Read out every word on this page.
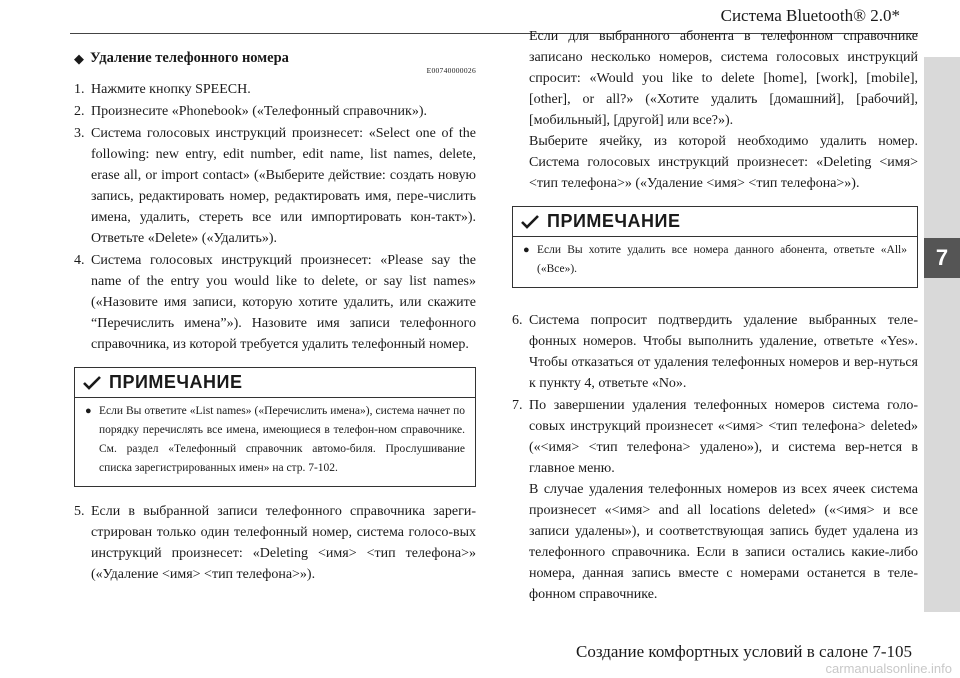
Система Bluetooth® 2.0*
7
◆ Удаление телефонного номера
E00740000026
1. Нажмите кнопку SPEECH.
2. Произнесите «Phonebook» («Телефонный справочник»).
3. Система голосовых инструкций произнесет: «Select one of the following: new entry, edit number, edit name, list names, delete, erase all, or import contact» («Выберите действие: создать новую запись, редактировать номер, редактировать имя, пере-числить имена, удалить, стереть все или импортировать кон-такт»). Ответьте «Delete» («Удалить»).
4. Система голосовых инструкций произнесет: «Please say the name of the entry you would like to delete, or say list names» («Назовите имя записи, которую хотите удалить, или скажите “Перечислить имена”»). Назовите имя записи телефонного справочника, из которой требуется удалить телефонный номер.
ПРИМЕЧАНИЕ
● Если Вы ответите «List names» («Перечислить имена»), система начнет по порядку перечислять все имена, имеющиеся в телефон-ном справочнике. См. раздел «Телефонный справочник автомо-биля. Прослушивание списка зарегистрированных имен» на стр. 7-102.
5. Если в выбранной записи телефонного справочника зареги-стрирован только один телефонный номер, система голосо-вых инструкций произнесет: «Deleting <имя> <тип телефона>» («Удаление <имя> <тип телефона>»).
Если для выбранного абонента в телефонном справочнике записано несколько номеров, система голосовых инструкций спросит: «Would you like to delete [home], [work], [mobile], [other], or all?» («Хотите удалить [домашний], [рабочий], [мобильный], [другой] или все?»).
Выберите ячейку, из которой необходимо удалить номер. Система голосовых инструкций произнесет: «Deleting <имя> <тип телефона>» («Удаление <имя> <тип телефона>»).
ПРИМЕЧАНИЕ
● Если Вы хотите удалить все номера данного абонента, ответьте «All» («Все»).
6. Система попросит подтвердить удаление выбранных теле-фонных номеров. Чтобы выполнить удаление, ответьте «Yes». Чтобы отказаться от удаления телефонных номеров и вер-нуться к пункту 4, ответьте «No».
7. По завершении удаления телефонных номеров система голо-совых инструкций произнесет «<имя> <тип телефона> deleted» («<имя> <тип телефона> удалено»), и система вер-нется в главное меню.
В случае удаления телефонных номеров из всех ячеек система произнесет «<имя> and all locations deleted» («<имя> и все записи удалены»), и соответствующая запись будет удалена из телефонного справочника. Если в записи остались какие-либо номера, данная запись вместе с номерами останется в теле-фонном справочнике.
Создание комфортных условий в салоне 7-105
carmanualsonline.info
